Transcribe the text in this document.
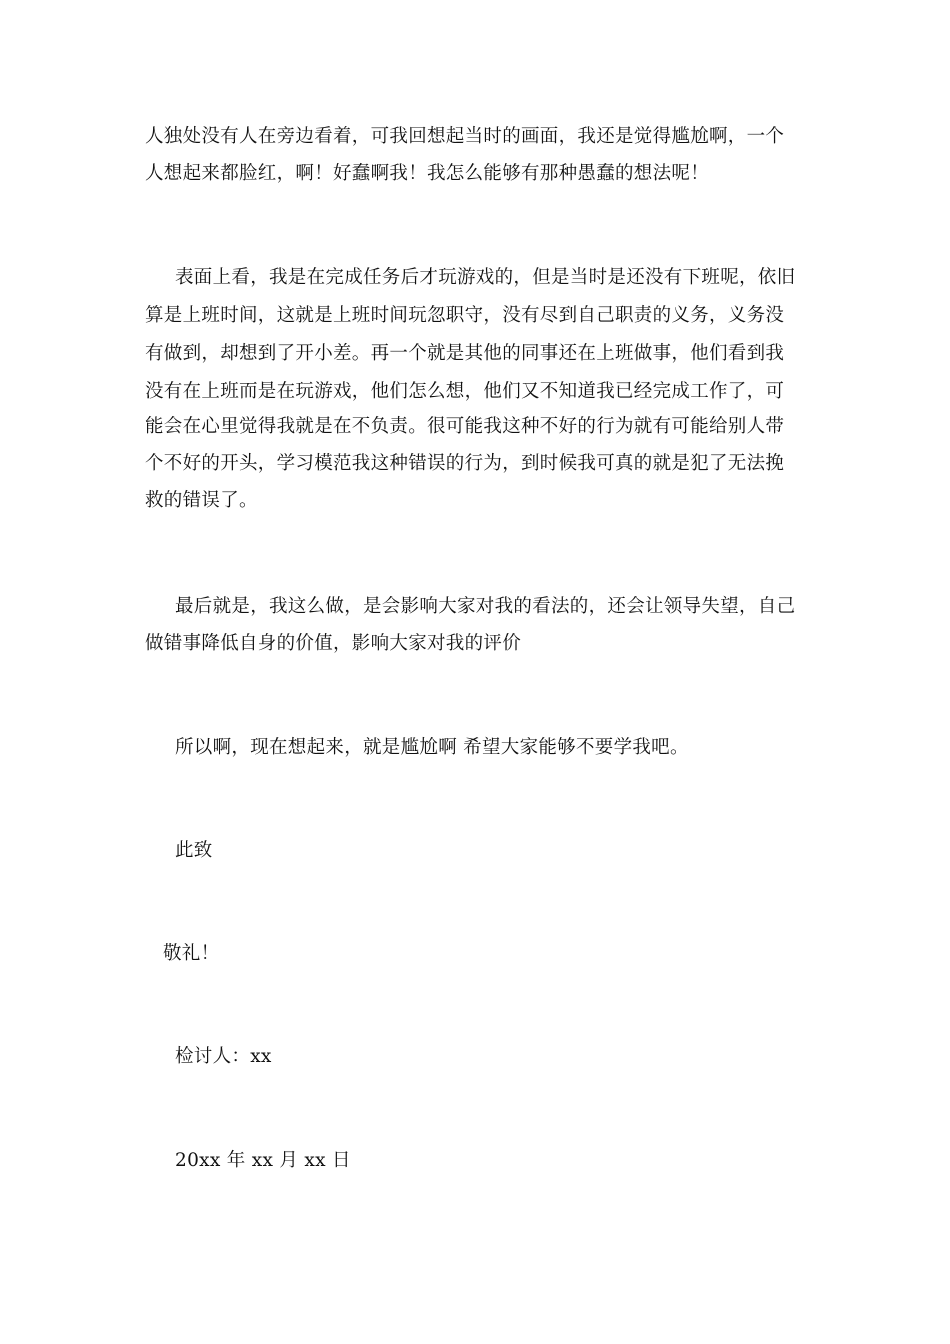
人独处没有人在旁边看着，可我回想起当时的画面，我还是觉得尴尬啊，一个
人想起来都脸红，啊！好蠢啊我！我怎么能够有那种愚蠢的想法呢！
表面上看，我是在完成任务后才玩游戏的，但是当时是还没有下班呢，依旧
算是上班时间，这就是上班时间玩忽职守，没有尽到自己职责的义务，义务没
有做到，却想到了开小差。再一个就是其他的同事还在上班做事，他们看到我
没有在上班而是在玩游戏，他们怎么想，他们又不知道我已经完成工作了，可
能会在心里觉得我就是在不负责。很可能我这种不好的行为就有可能给别人带
个不好的开头，学习模范我这种错误的行为，到时候我可真的就是犯了无法挽
救的错误了。
最后就是，我这么做，是会影响大家对我的看法的，还会让领导失望，自己
做错事降低自身的价值，影响大家对我的评价
所以啊，现在想起来，就是尴尬啊 希望大家能够不要学我吧。
此致
敬礼！
检讨人：xx
20xx 年 xx 月 xx 日
